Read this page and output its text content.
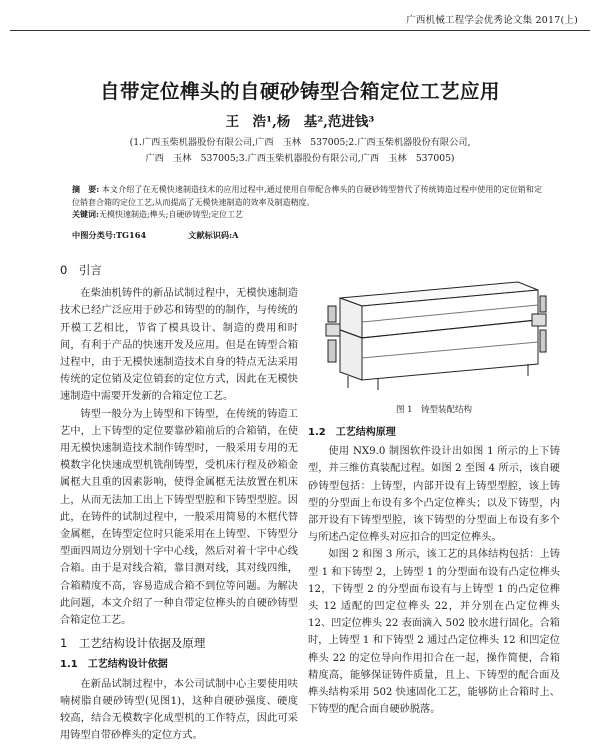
广西机械工程学会优秀论文集 2017(上)
自带定位榫头的自硬砂铸型合箱定位工艺应用
王　浩¹,杨　基²,范进钱³
(1.广西玉柴机器股份有限公司,广西　玉林　537005;2.广西玉柴机器股份有限公司,
广西　玉林　537005;3.广西玉柴机器股份有限公司,广西　玉林　537005)
摘　要: 本文介绍了在无模快速制造技术的应用过程中,通过使用自带配合榫头的自硬砂铸型替代了传统铸造过程中使用的定位销和定位销套合箱的定位工艺,从而提高了无模快速制造的效率及制造精度。
关键词:无模快速制造;榫头;自硬砂铸型;定位工艺
中图分类号:TG164	文献标识码:A
0　引言

在柴油机铸件的新品试制过程中，无模快速制造技术已经广泛应用于砂芯和铸型的的制作，与传统的开模工艺相比，节省了模具设计、制造的费用和时间，有利于产品的快速开发及应用。但是在铸型合箱过程中，由于无模快速制造技术自身的特点无法采用传统的定位销及定位销套的定位方式，因此在无模快速制造中需要开发新的合箱定位工艺。

铸型一般分为上铸型和下铸型，在传统的铸造工艺中，上下铸型的定位要靠砂箱前后的合箱销，在使用无模快速制造技术制作铸型时，一般采用专用的无模数字化快速成型机铣削铸型，受机床行程及砂箱金属框大且重的因素影响，使得金属框无法放置在机床上，从而无法加工出上下铸型型腔和下铸型型腔。因此，在铸件的试制过程中，一般采用简易的木框代替金属框，在铸型定位时只能采用在上铸型、下铸型分型面四周边分别划十字中心线，然后对着十字中心线合箱。由于是对线合箱，靠目测对线，其对线四维，合箱精度不高，容易造成合箱不到位等问题。为解决此问题，本文介绍了一种自带定位榫头的自硬砂铸型合箱定位工艺。

1　工艺结构设计依据及原理
1.1　工艺结构设计依据

在新品试制过程中，本公司试制中心主要使用呋喃树脂自硬砂铸型(见图1)，这种自硬砂强度、硬度较高，结合无模数字化成型机的工作特点，因此可采用铸型自带砂榫头的定位方式。

图 1　铸型装配结构
1.2　工艺结构原理

使用 NX9.0 制图软件设计出如图 1 所示的上下铸型，并三维仿真装配过程。如图 2 至图 4 所示，该自硬砂铸型包括：上铸型，内部开设有上铸型型腔，该上铸型的分型面上布设有多个凸定位榫头；以及下铸型，内部开设有下铸型型腔，该下铸型的分型面上布设有多个与所述凸定位榫头对应扣合的凹定位榫头。

如图 2 和图 3 所示，该工艺的具体结构包括：上铸型 1 和下铸型 2，上铸型 1 的分型面布设有凸定位榫头 12，下铸型 2 的分型面布设有与上铸型 1 的凸定位榫头 12 适配的凹定位榫头 22，并分别在凸定位榫头 12、凹定位榫头 22 表面滴入 502 胶水进行固化。合箱时，上铸型 1 和下铸型 2 通过凸定位榫头 12 和凹定位榫头 22 的定位导向作用扣合在一起，操作简便，合箱精度高，能够保证铸件质量，且上、下铸型的配合面及榫头结构采用 502 快速固化工艺，能够防止合箱时上、下铸型的配合面自硬砂脱落。
